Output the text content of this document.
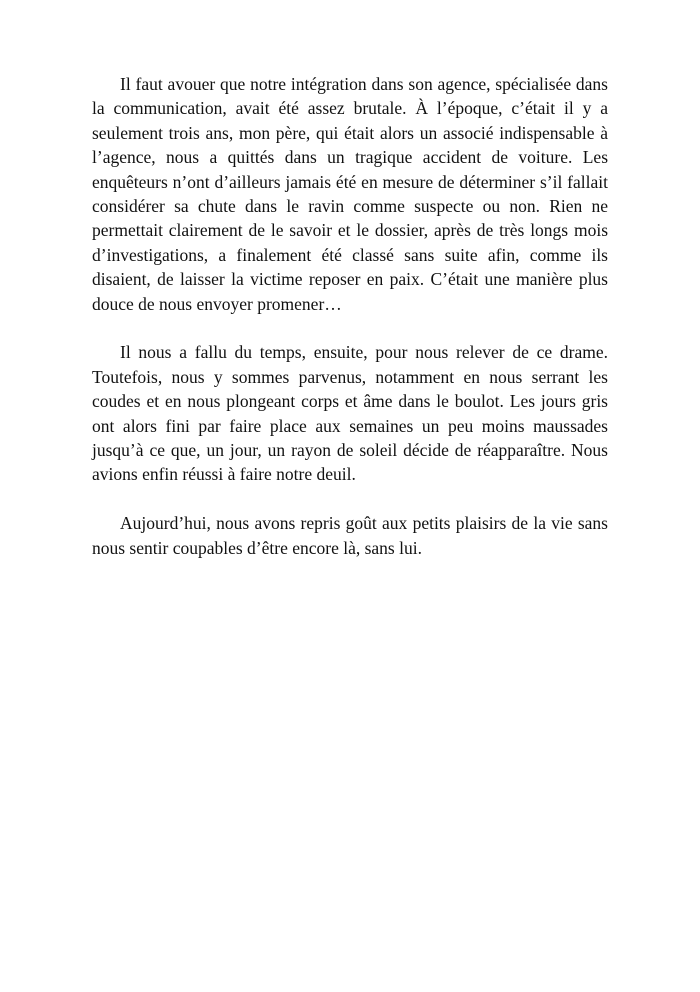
Il faut avouer que notre intégration dans son agence, spécialisée dans la communication, avait été assez brutale. À l’époque, c’était il y a seulement trois ans, mon père, qui était alors un associé indispensable à l’agence, nous a quittés dans un tragique accident de voiture. Les enquêteurs n’ont d’ailleurs jamais été en mesure de déterminer s’il fallait considérer sa chute dans le ravin comme suspecte ou non. Rien ne permettait clairement de le savoir et le dossier, après de très longs mois d’investigations, a finalement été classé sans suite afin, comme ils disaient, de laisser la victime reposer en paix. C’était une manière plus douce de nous envoyer promener…

Il nous a fallu du temps, ensuite, pour nous relever de ce drame. Toutefois, nous y sommes parvenus, notamment en nous serrant les coudes et en nous plongeant corps et âme dans le boulot. Les jours gris ont alors fini par faire place aux semaines un peu moins maussades jusqu’à ce que, un jour, un rayon de soleil décide de réapparaître. Nous avions enfin réussi à faire notre deuil.

Aujourd’hui, nous avons repris goût aux petits plaisirs de la vie sans nous sentir coupables d’être encore là, sans lui.
